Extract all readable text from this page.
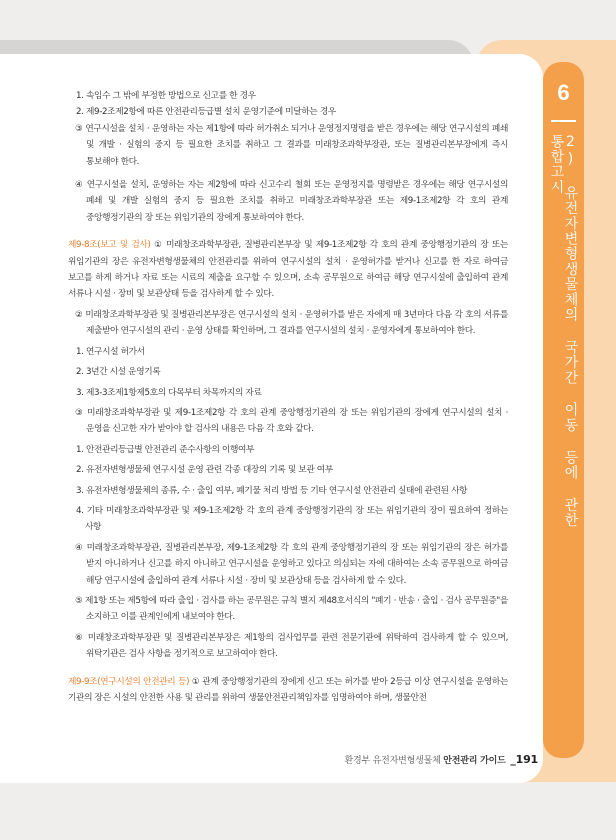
6
2) 유전자변형생물체의 국가간 이동 등에 관한 통합고시

1. 속임수 그 밖에 부정한 방법으로 신고를 한 경우

2. 제9-2조제2항에 따른 안전관리등급별 설치 운영기준에 미달하는 경우

③ 연구시설을 설치 · 운영하는 자는 제1항에 따라 허가취소 되거나 운영정지명령을 받은 경우에는 해당 연구시설의 폐쇄 및 개발 · 실험의 중지 등 필요한 조치를 취하고 그 결과를 미래창조과학부장관, 또는 질병관리본부장에게 즉시 통보해야 한다.

④ 연구시설을 설치, 운영하는 자는 제2항에 따라 신고수리 철회 또는 운영정지를 명령받은 경우에는 해당 연구시설의 폐쇄 및 개발 실험의 중지 등 필요한 조치를 취하고 미래창조과학부장관 또는 제9-1조제2항 각 호의 관계 중앙행정기관의 장 또는 위임기관의 장에게 통보하여야 한다.

제9-8조(보고 및 검사) ① 미래창조과학부장관, 질병관리본부장 및 제9-1조제2항 각 호의 관계 중앙행정기관의 장 또는 위임기관의 장은 유전자변형생물체의 안전관리를 위하여 연구시설의 설치 · 운영허가를 받거나 신고를 한 자로 하여금 보고를 하게 하거나 자료 또는 시료의 제출을 요구할 수 있으며, 소속 공무원으로 하여금 해당 연구시설에 출입하여 관계 서류나 시설 · 장비 및 보관상태 등을 검사하게 할 수 있다.

② 미래창조과학부장관 및 질병관리본부장은 연구시설의 설치 · 운영허가를 받은 자에게 매 3년마다 다음 각 호의 서류를 제출받아 연구시설의 관리 · 운영 상태를 확인하며, 그 결과를 연구시설의 설치 · 운영자에게 통보하여야 한다.

1. 연구시설 허가서

2. 3년간 시설 운영기록

3. 제3-3조제1항제5호의 다목부터 차목까지의 자료

③ 미래창조과학부장관 및 제9-1조제2항 각 호의 관계 중앙행정기관의 장 또는 위임기관의 장에게 연구시설의 설치 · 운영을 신고한 자가 받아야 할 검사의 내용은 다음 각 호와 같다.

1. 안전관리등급별 안전관리 준수사항의 이행여부

2. 유전자변형생물체 연구시설 운영 관련 각종 대장의 기록 및 보관 여부

3. 유전자변형생물체의 종류, 수 · 출입 여부, 폐기물 처리 방법 등 기타 연구시설 안전관리 실태에 관련된 사항

4. 기타 미래창조과학부장관 및 제9-1조제2항 각 호의 관계 중앙행정기관의 장 또는 위임기관의 장이 필요하여 정하는 사항

④ 미래창조과학부장관, 질병관리본부장, 제9-1조제2항 각 호의 관계 중앙행정기관의 장 또는 위임기관의 장은 허가를 받지 아니하거나 신고를 하지 아니하고 연구시설을 운영하고 있다고 의심되는 자에 대하여는 소속 공무원으로 하여금 해당 연구시설에 출입하여 관계 서류나 시설 · 장비 및 보관상태 등을 검사하게 할 수 있다.

⑤ 제1항 또는 제5항에 따라 출입 · 검사를 하는 공무원은 규칙 별지 제48호서식의 "폐기 · 반송 · 출입 · 검사 공무원증"을 소지하고 이를 관계인에게 내보여야 한다.

⑥ 미래창조과학부장관 및 질병관리본부장은 제1항의 검사업무를 관련 전문기관에 위탁하여 검사하게 할 수 있으며, 위탁기관은 검사 사항을 정기적으로 보고하여야 한다.

제9-9조(연구시설의 안전관리 등) ① 관계 중앙행정기관의 장에게 신고 또는 허가를 받아 2등급 이상 연구시설을 운영하는 기관의 장은 시설의 안전한 사용 및 관리를 위하여 생물안전관리책임자를 임명하여야 하며, 생물안전

환경부 유전자변형생물체 안전관리 가이드 _191
